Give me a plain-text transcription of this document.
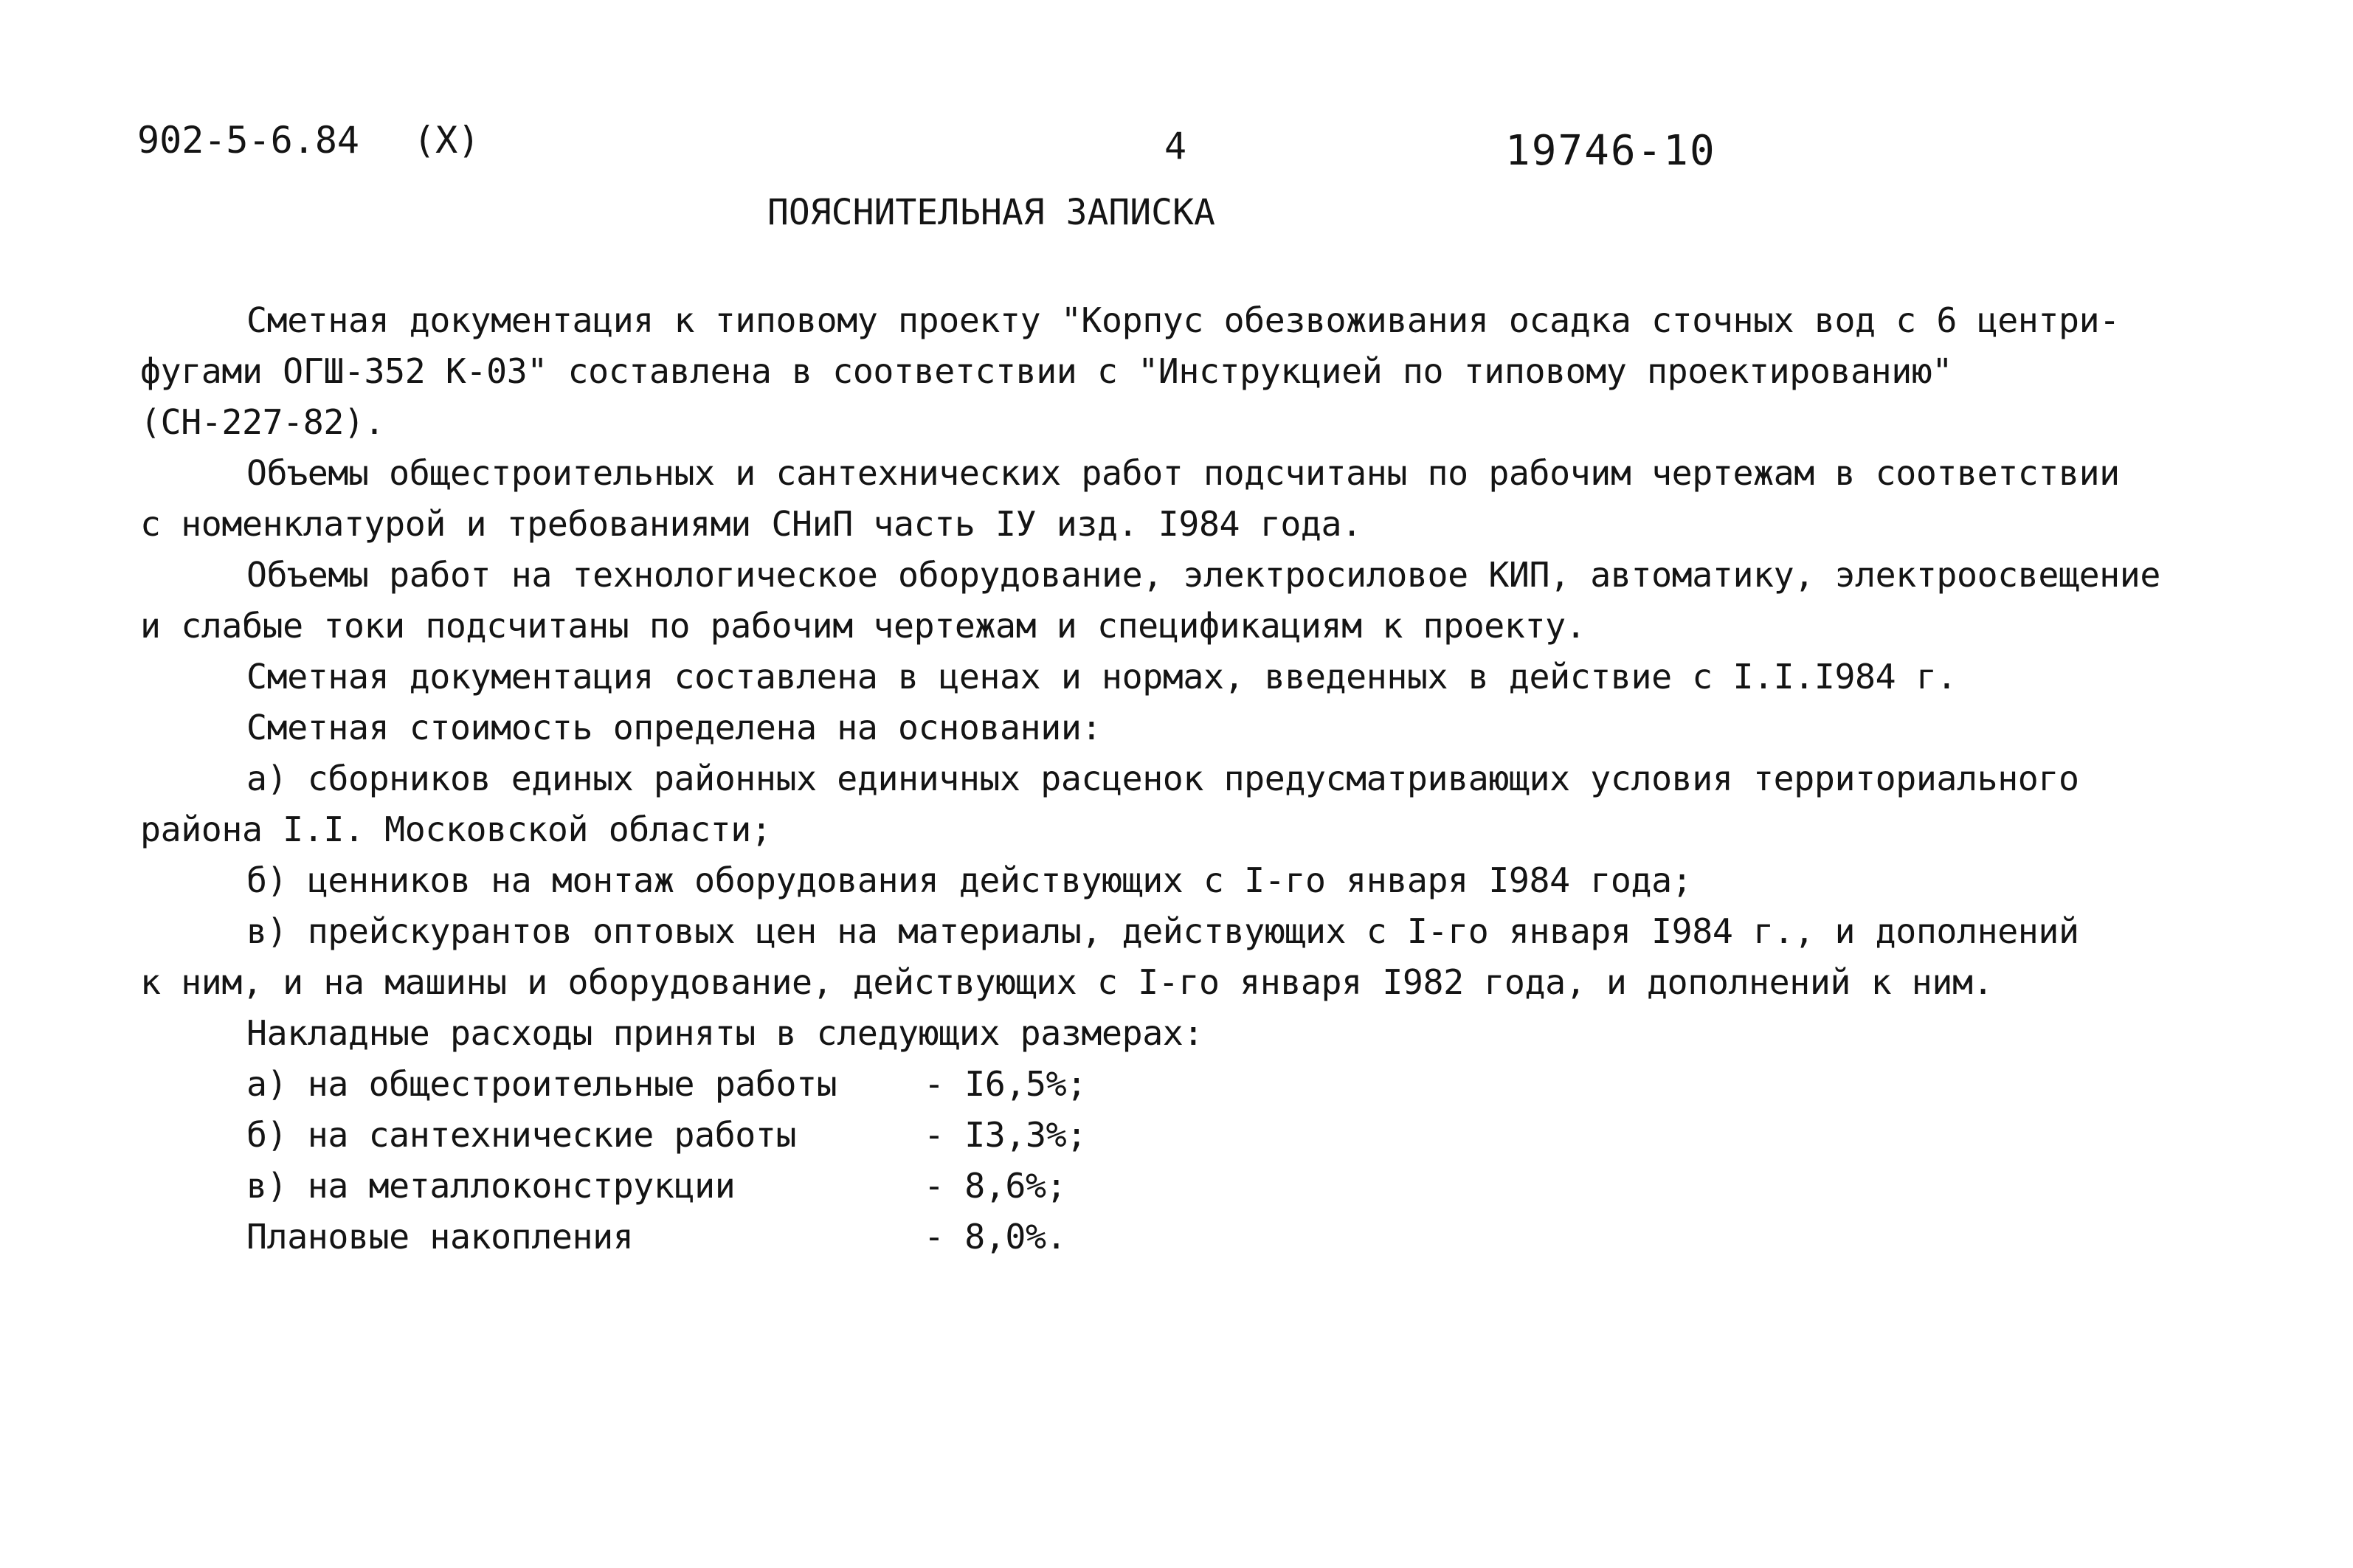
902-5-6.84 (Х)	4	19746-10
ПОЯСНИТЕЛЬНАЯ ЗАПИСКА
Сметная документация к типовому проекту "Корпус обезвоживания осадка сточных вод с 6 центри-
фугами ОГШ-352 К-03" составлена в соответствии с "Инструкцией по типовому проектированию"
(СН-227-82).
Объемы общестроительных и сантехнических работ подсчитаны по рабочим чертежам в соответствии
с номенклатурой и требованиями СНиП часть IУ изд. I984 года.
Объемы работ на технологическое оборудование, электросиловое КИП, автоматику, электроосвещение
и слабые токи подсчитаны по рабочим чертежам и спецификациям к проекту.
Сметная документация составлена в ценах и нормах, введенных в действие с I.I.I984 г.
Сметная стоимость определена на основании:
а) сборников единых районных единичных расценок предусматривающих условия территориального
района I.I. Московской области;
б) ценников на монтаж оборудования действующих с I-го января I984 года;
в) прейскурантов оптовых цен на материалы, действующих с I-го января I984 г., и дополнений
к ним, и на машины и оборудование, действующих с I-го января I982 года, и дополнений к ним.
Накладные расходы приняты в следующих размерах:
а) на общестроительные работы	- I6,5%;
б) на сантехнические работы	- I3,3%;
в) на металлоконструкции	- 8,6%;
Плановые накопления	- 8,0%.
